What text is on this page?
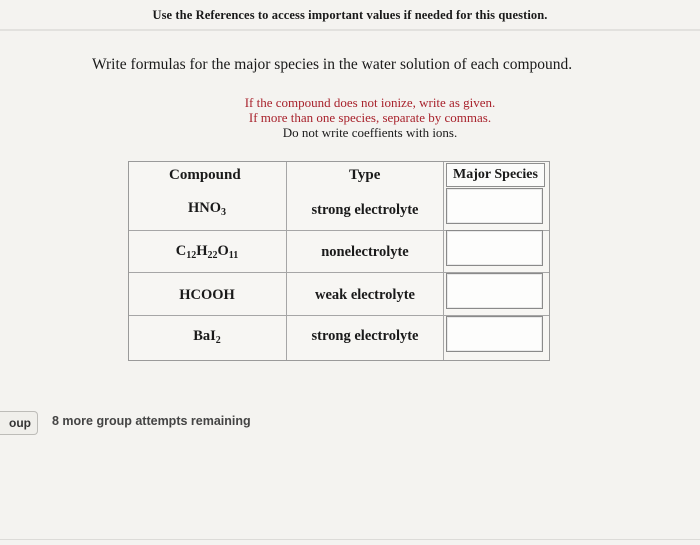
Use the References to access important values if needed for this question.
Write formulas for the major species in the water solution of each compound.
If the compound does not ionize, write as given.
If more than one species, separate by commas.
Do not write coeffients with ions.
Compound	Type	Major Species
$HNO_3$	strong electrolyte
$C_{12}H_{22}O_{11}$	nonelectrolyte
HCOOH	weak electrolyte
BaI$_2$	strong electrolyte
oup	8 more group attempts remaining
